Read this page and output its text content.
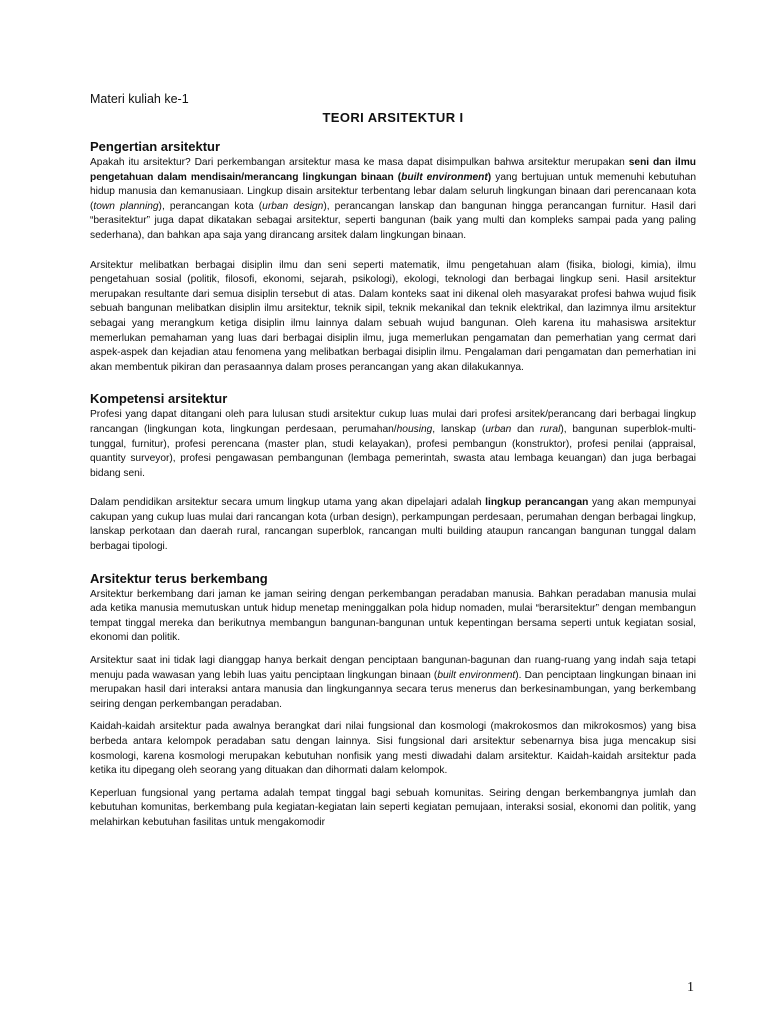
Materi kuliah ke-1
TEORI ARSITEKTUR I
Pengertian arsitektur

Apakah itu arsitektur? Dari perkembangan arsitektur masa ke masa dapat disimpulkan bahwa arsitektur merupakan seni dan ilmu pengetahuan dalam mendisain/merancang lingkungan binaan (built environment) yang bertujuan untuk memenuhi kebutuhan hidup manusia dan kemanusiaan. Lingkup disain arsitektur terbentang lebar dalam seluruh lingkungan binaan dari perencanaan kota (town planning), perancangan kota (urban design), perancangan lanskap dan bangunan hingga perancangan furnitur. Hasil dari “berasitektur” juga dapat dikatakan sebagai arsitektur, seperti bangunan (baik yang multi dan kompleks sampai pada yang paling sederhana), dan bahkan apa saja yang dirancang arsitek dalam lingkungan binaan.

Arsitektur melibatkan berbagai disiplin ilmu dan seni seperti matematik, ilmu pengetahuan alam (fisika, biologi, kimia), ilmu pengetahuan sosial (politik, filosofi, ekonomi, sejarah, psikologi), ekologi, teknologi dan berbagai lingkup seni. Hasil arsitektur merupakan resultante dari semua disiplin tersebut di atas. Dalam konteks saat ini dikenal oleh masyarakat profesi bahwa wujud fisik sebuah bangunan melibatkan disiplin ilmu arsitektur, teknik sipil, teknik mekanikal dan teknik elektrikal, dan lazimnya ilmu arsitektur sebagai yang merangkum ketiga disiplin ilmu lainnya dalam sebuah wujud bangunan. Oleh karena itu mahasiswa arsitektur memerlukan pemahaman yang luas dari berbagai disiplin ilmu, juga memerlukan pengamatan dan pemerhatian yang cermat dari aspek-aspek dan kejadian atau fenomena yang melibatkan berbagai disiplin ilmu. Pengalaman dari pengamatan dan pemerhatian ini akan membentuk pikiran dan perasaannya dalam proses perancangan yang akan dilakukannya.

Kompetensi arsitektur

Profesi yang dapat ditangani oleh para lulusan studi arsitektur cukup luas mulai dari profesi arsitek/perancang dari berbagai lingkup rancangan (lingkungan kota, lingkungan perdesaan, perumahan/housing, lanskap (urban dan rural), bangunan superblok-multi-tunggal, furnitur), profesi perencana (master plan, studi kelayakan), profesi pembangun (konstruktor), profesi penilai (appraisal, quantity surveyor), profesi pengawasan pembangunan (lembaga pemerintah, swasta atau lembaga keuangan) dan juga berbagai bidang seni.

Dalam pendidikan arsitektur secara umum lingkup utama yang akan dipelajari adalah lingkup perancangan yang akan mempunyai cakupan yang cukup luas mulai dari rancangan kota (urban design), perkampungan perdesaan, perumahan dengan berbagai lingkup, lanskap perkotaan dan daerah rural, rancangan superblok, rancangan multi building ataupun rancangan bangunan tunggal dalam berbagai tipologi.

Arsitektur terus berkembang

Arsitektur berkembang dari jaman ke jaman seiring dengan perkembangan peradaban manusia. Bahkan peradaban manusia mulai ada ketika manusia memutuskan untuk hidup menetap meninggalkan pola hidup nomaden, mulai “berarsitektur” dengan membangun tempat tinggal mereka dan berikutnya membangun bangunan-bangunan untuk kepentingan bersama seperti untuk kegiatan sosial, ekonomi dan politik.

Arsitektur saat ini tidak lagi dianggap hanya berkait dengan penciptaan bangunan-bagunan dan ruang-ruang yang indah saja tetapi menuju pada wawasan yang lebih luas yaitu penciptaan lingkungan binaan (built environment). Dan penciptaan lingkungan binaan ini merupakan hasil dari interaksi antara manusia dan lingkungannya secara terus menerus dan berkesinambungan, yang berkembang seiring dengan perkembangan peradaban.

Kaidah-kaidah arsitektur pada awalnya berangkat dari nilai fungsional dan kosmologi (makrokosmos dan mikrokosmos) yang bisa berbeda antara kelompok peradaban satu dengan lainnya. Sisi fungsional dari arsitektur sebenarnya bisa juga mencakup sisi kosmologi, karena kosmologi merupakan kebutuhan nonfisik yang mesti diwadahi dalam arsitektur. Kaidah-kaidah arsitektur pada ketika itu dipegang oleh seorang yang dituakan dan dihormati dalam kelompok.

Keperluan fungsional yang pertama adalah tempat tinggal bagi sebuah komunitas. Seiring dengan berkembangnya jumlah dan kebutuhan komunitas, berkembang pula kegiatan-kegiatan lain seperti kegiatan pemujaan, interaksi sosial, ekonomi dan politik, yang melahirkan kebutuhan fasilitas untuk mengakomodir

1
